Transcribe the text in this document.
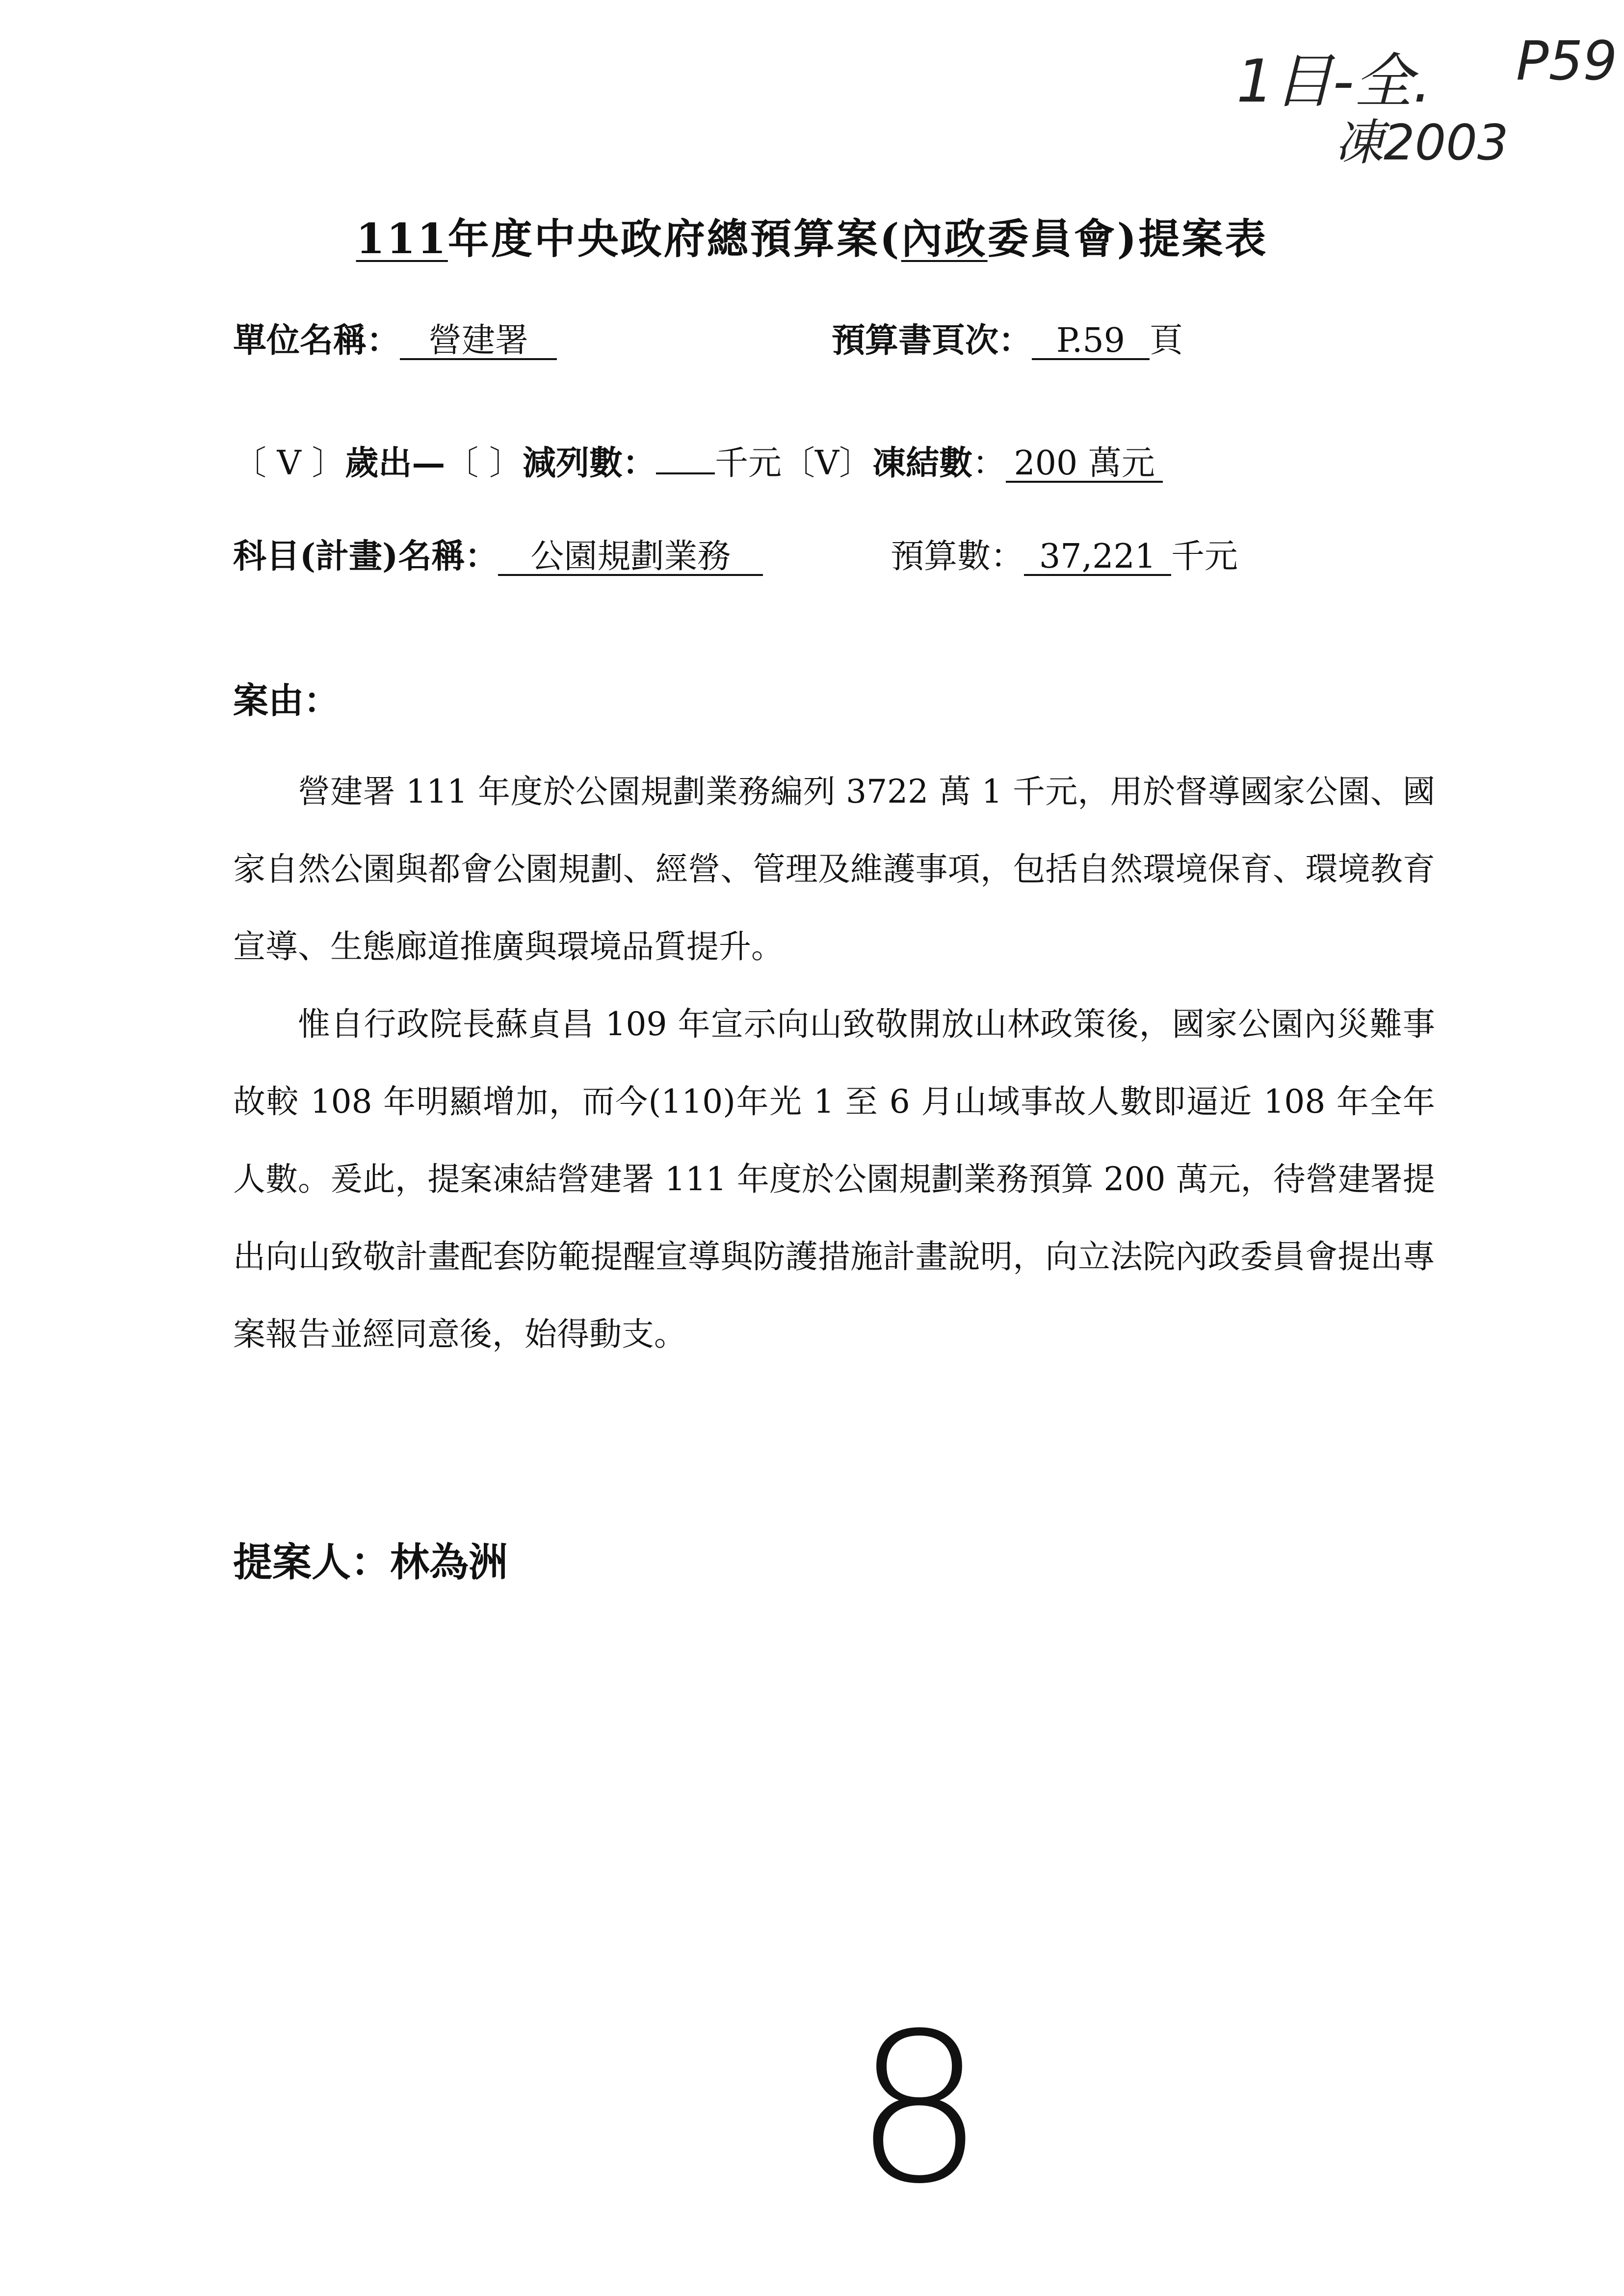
1目-全. P59
凍2003
111年度中央政府總預算案(內政委員會)提案表
單位名稱： 營建署	預算書頁次： P.59 頁
〔 V 〕歲出—〔 〕減列數： 千元〔V〕凍結數： 200 萬元
科目(計畫)名稱： 公園規劃業務	預算數： 37,221 千元
案由：

營建署 111 年度於公園規劃業務編列 3722 萬 1 千元，用於督導國家公園、國家自然公園與都會公園規劃、經營、管理及維護事項，包括自然環境保育、環境教育宣導、生態廊道推廣與環境品質提升。

惟自行政院長蘇貞昌 109 年宣示向山致敬開放山林政策後，國家公園內災難事故較 108 年明顯增加，而今(110)年光 1 至 6 月山域事故人數即逼近 108 年全年人數。爰此，提案凍結營建署 111 年度於公園規劃業務預算 200 萬元，待營建署提出向山致敬計畫配套防範提醒宣導與防護措施計畫說明，向立法院內政委員會提出專案報告並經同意後，始得動支。

提案人：林為洲
8
